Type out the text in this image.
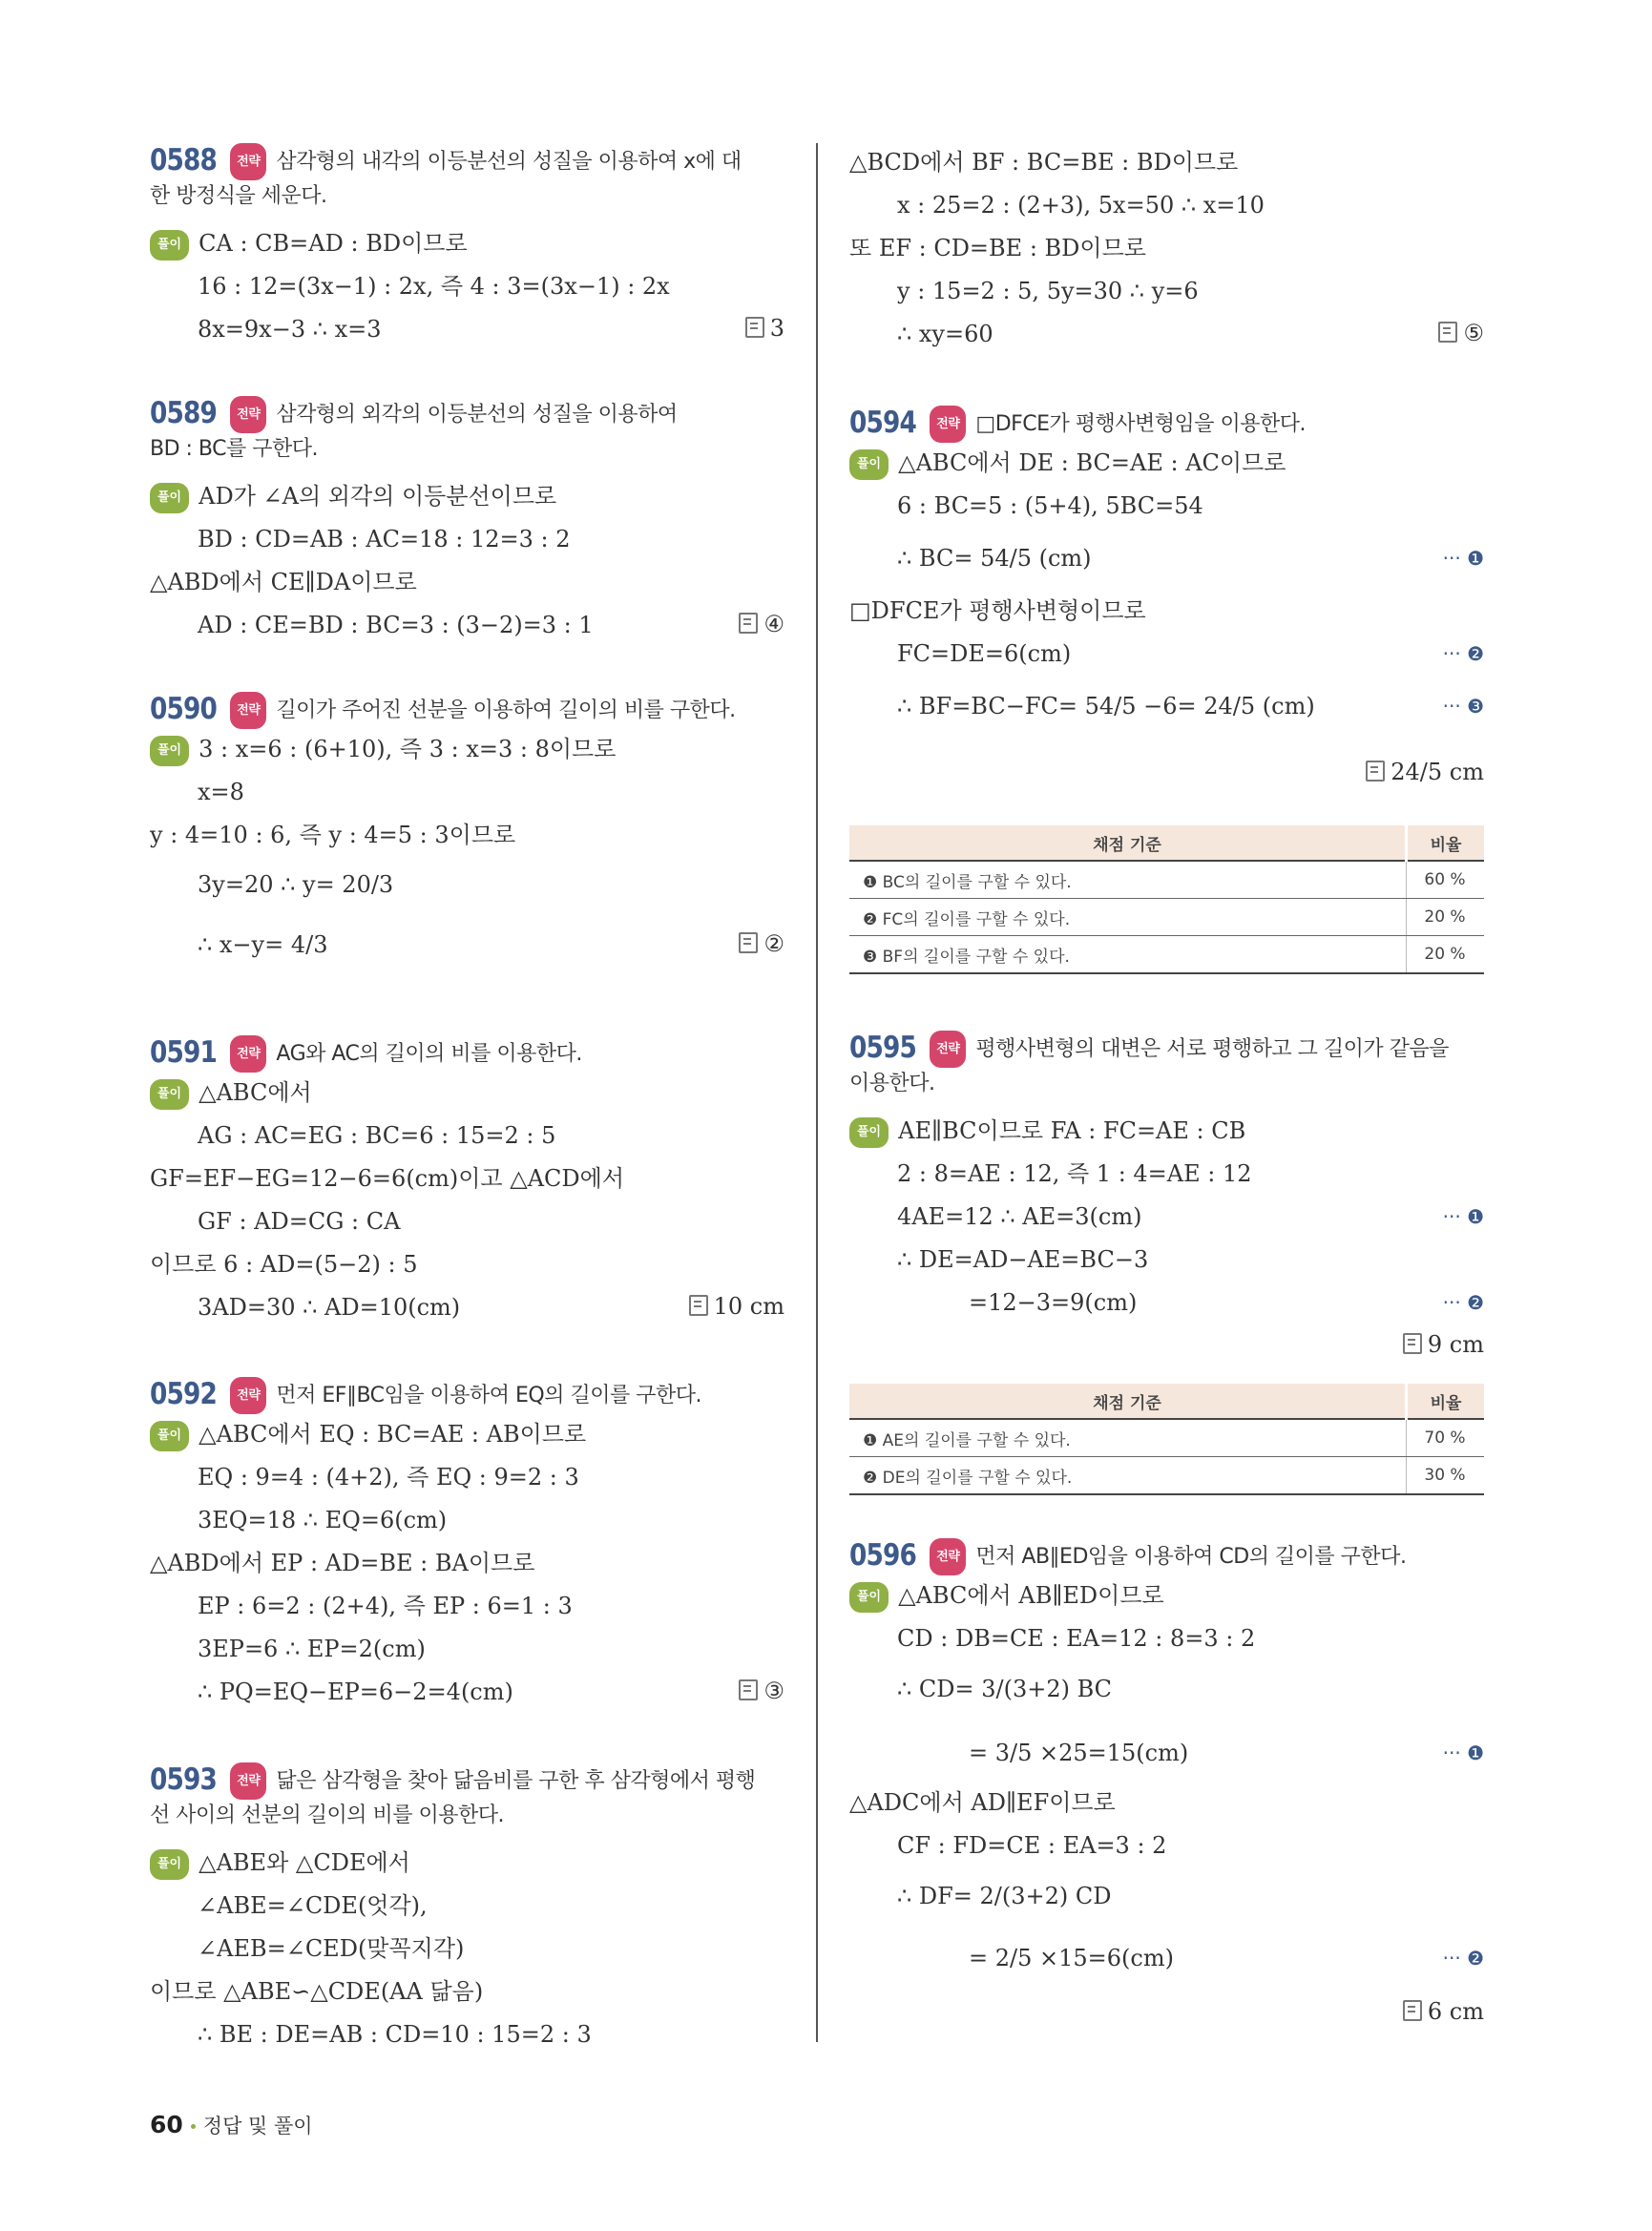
0588 전략 삼각형의 내각의 이등분선의 성질을 이용하여 x에 대
한 방정식을 세운다.
풀이 CA : CB=AD : BD이므로
16 : 12=(3x−1) : 2x, 즉 4 : 3=(3x−1) : 2x
8x=9x−3 ∴ x=3	3
0589 전략 삼각형의 외각의 이등분선의 성질을 이용하여
BD : BC를 구한다.
풀이 AD가 ∠A의 외각의 이등분선이므로
BD : CD=AB : AC=18 : 12=3 : 2
△ABD에서 CE∥DA이므로
AD : CE=BD : BC=3 : (3−2)=3 : 1	④
0590 전략 길이가 주어진 선분을 이용하여 길이의 비를 구한다.
풀이 3 : x=6 : (6+10), 즉 3 : x=3 : 8이므로
x=8
y : 4=10 : 6, 즉 y : 4=5 : 3이므로
3y=20 ∴ y= 20/3
∴ x−y= 4/3	②
0591 전략 AG와 AC의 길이의 비를 이용한다.
풀이 △ABC에서
AG : AC=EG : BC=6 : 15=2 : 5
GF=EF−EG=12−6=6(cm)이고 △ACD에서
GF : AD=CG : CA
이므로 6 : AD=(5−2) : 5
3AD=30 ∴ AD=10(cm)	10 cm
0592 전략 먼저 EF∥BC임을 이용하여 EQ의 길이를 구한다.
풀이 △ABC에서 EQ : BC=AE : AB이므로
EQ : 9=4 : (4+2), 즉 EQ : 9=2 : 3
3EQ=18 ∴ EQ=6(cm)
△ABD에서 EP : AD=BE : BA이므로
EP : 6=2 : (2+4), 즉 EP : 6=1 : 3
3EP=6 ∴ EP=2(cm)
∴ PQ=EQ−EP=6−2=4(cm)	③
0593 전략 닮은 삼각형을 찾아 닮음비를 구한 후 삼각형에서 평행
선 사이의 선분의 길이의 비를 이용한다.
풀이 △ABE와 △CDE에서
∠ABE=∠CDE(엇각),
∠AEB=∠CED(맞꼭지각)
이므로 △ABE∽△CDE(AA 닮음)
∴ BE : DE=AB : CD=10 : 15=2 : 3
△BCD에서 BF : BC=BE : BD이므로
x : 25=2 : (2+3), 5x=50 ∴ x=10
또 EF : CD=BE : BD이므로
y : 15=2 : 5, 5y=30 ∴ y=6
∴ xy=60	⑤
0594 전략 □DFCE가 평행사변형임을 이용한다.
풀이 △ABC에서 DE : BC=AE : AC이므로
6 : BC=5 : (5+4), 5BC=54
∴ BC= 54/5 (cm)	··· ❶
□DFCE가 평행사변형이므로
FC=DE=6(cm)	··· ❷
∴ BF=BC−FC= 54/5 −6= 24/5 (cm)	··· ❸
24/5 cm
채점 기준	비율
❶ BC의 길이를 구할 수 있다.	60 %
❷ FC의 길이를 구할 수 있다.	20 %
❸ BF의 길이를 구할 수 있다.	20 %
0595 전략 평행사변형의 대변은 서로 평행하고 그 길이가 같음을
이용한다.
풀이 AE∥BC이므로 FA : FC=AE : CB
2 : 8=AE : 12, 즉 1 : 4=AE : 12
4AE=12 ∴ AE=3(cm)	··· ❶
∴ DE=AD−AE=BC−3
=12−3=9(cm)	··· ❷
9 cm
채점 기준	비율
❶ AE의 길이를 구할 수 있다.	70 %
❷ DE의 길이를 구할 수 있다.	30 %
0596 전략 먼저 AB∥ED임을 이용하여 CD의 길이를 구한다.
풀이 △ABC에서 AB∥ED이므로
CD : DB=CE : EA=12 : 8=3 : 2
∴ CD= 3/(3+2) BC
= 3/5 ×25=15(cm)	··· ❶
△ADC에서 AD∥EF이므로
CF : FD=CE : EA=3 : 2
∴ DF= 2/(3+2) CD
= 2/5 ×15=6(cm)	··· ❷
6 cm
60 정답 및 풀이
